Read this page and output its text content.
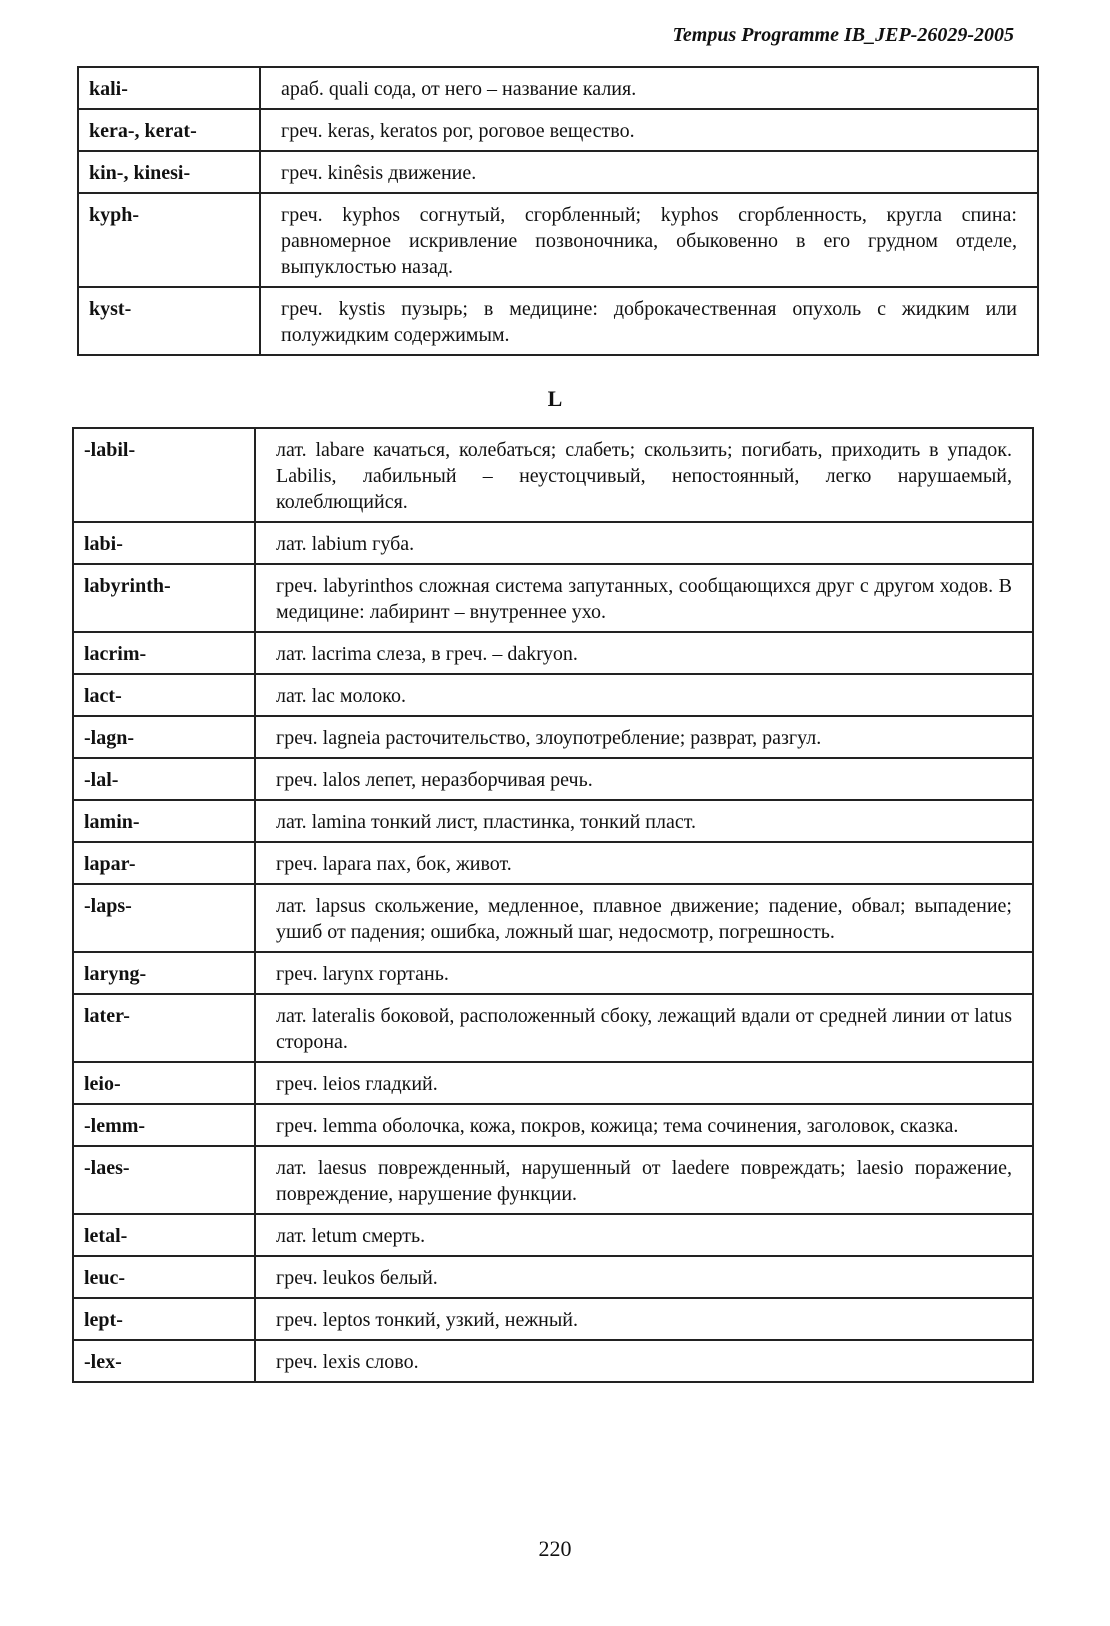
Tempus Programme IB_JEP-26029-2005
kali-	араб. quali сода, от него – название калия.
kera-, kerat-	греч. keras, keratos рог, роговое вещество.
kin-, kinesi-	греч. kinêsis движение.
kyph-	греч. kyphos согнутый, сгорбленный; kyphos сгорбленность, кругла спина: равномерное искривление позвоночника, обыковенно в его грудном отделе, выпуклостью назад.
kyst-	греч. kystis пузырь; в медицине: доброкачественная опухоль с жидким или полужидким содержимым.
L
-labil-	лат. labare качаться, колебаться; слабеть; скользить; погибать, приходить в упадок. Labilis, лабильный – неустоцчивый, непостоянный, легко нарушаемый, колеблющийся.
labi-	лат. labium губа.
labyrinth-	греч. labyrinthos сложная система запутанных, сообщающихся друг с другом ходов. В медицине: лабиринт – внутреннее ухо.
lacrim-	лат. lacrima слеза, в греч. – dakryon.
lact-	лат. lac молоко.
-lagn-	греч. lagneia расточительство, злоупотребление; разврат, разгул.
-lal-	греч. lalos лепет, неразборчивая речь.
lamin-	лат. lamina тонкий лист, пластинка, тонкий пласт.
lapar-	греч. lapara пах, бок, живот.
-laps-	лат. lapsus скольжение, медленное, плавное движение; падение, обвал; выпадение; ушиб от падения; ошибка, ложный шаг, недосмотр, погрешность.
laryng-	греч. larynx гортань.
later-	лат. lateralis боковой, расположенный сбоку, лежащий вдали от средней линии от latus сторона.
leio-	греч. leios гладкий.
-lemm-	греч. lemma оболочка, кожа, покров, кожица; тема сочинения, заголовок, сказка.
-laes-	лат. laesus поврежденный, нарушенный от laedere повреждать; laesio поражение, повреждение, нарушение функции.
letal-	лат. letum смерть.
leuc-	греч. leukos белый.
lept-	греч. leptos тонкий, узкий, нежный.
-lex-	греч. lexis слово.
220
